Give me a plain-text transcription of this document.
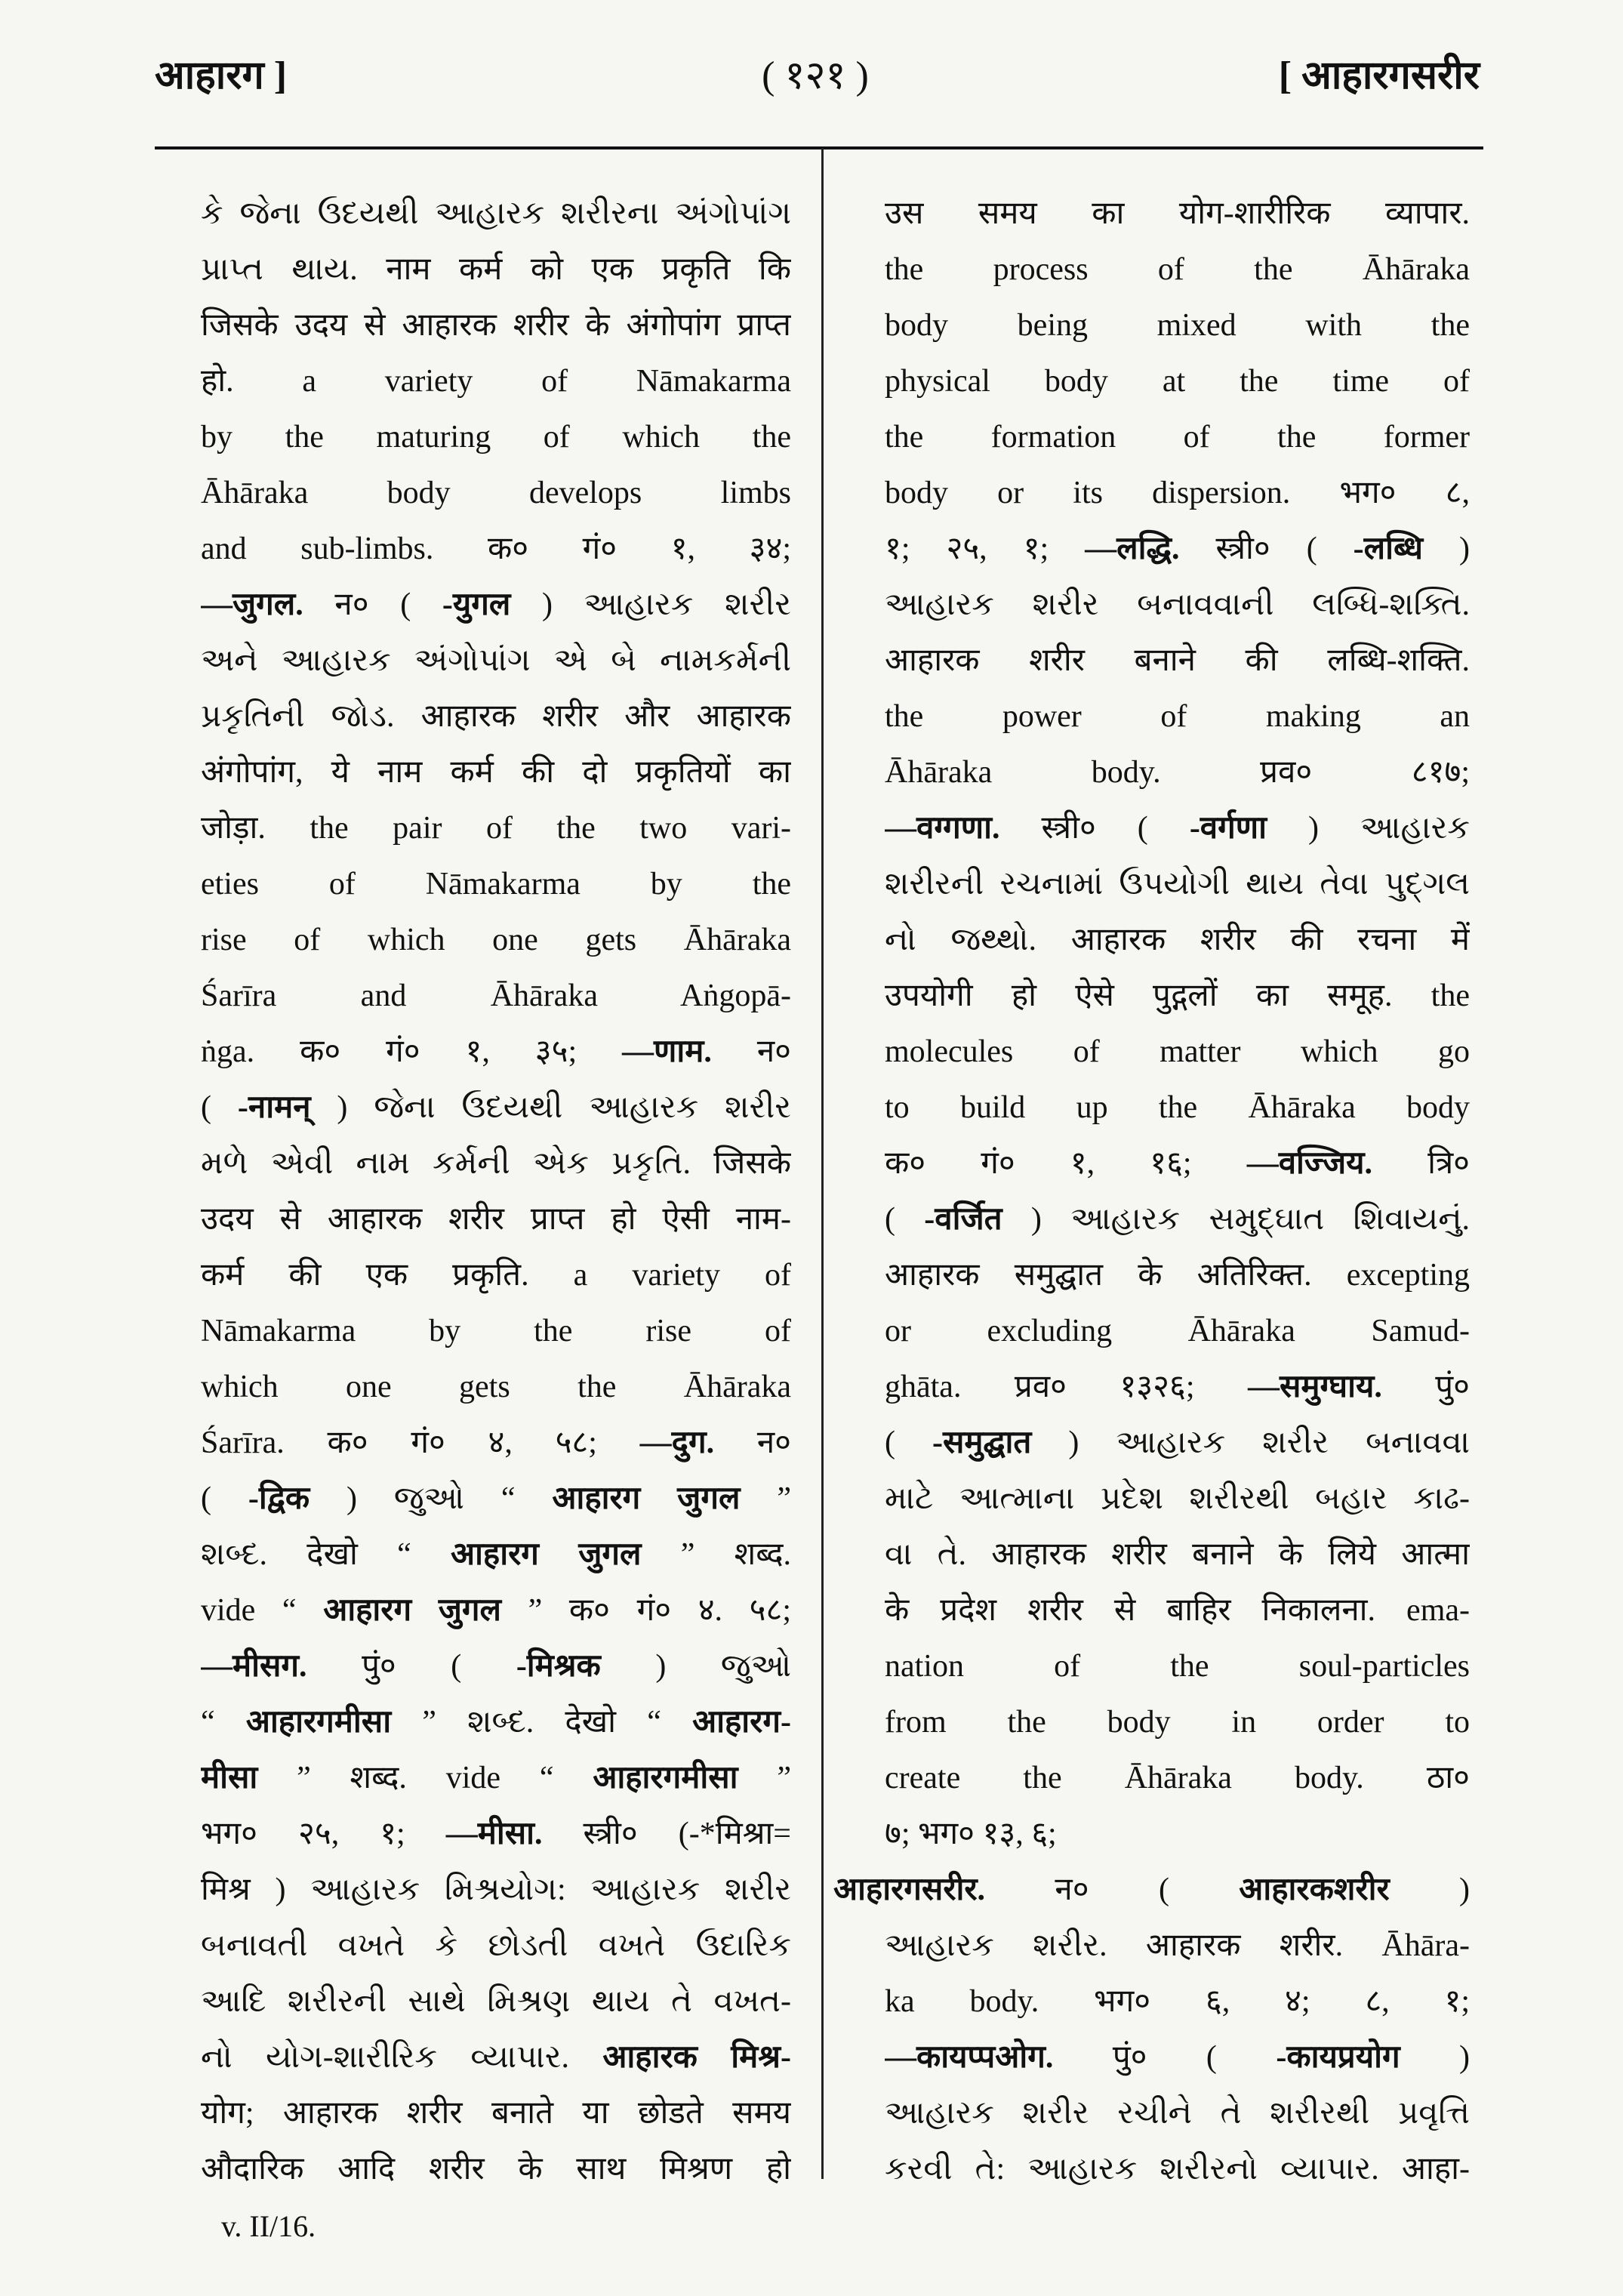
आहारग ]	( १२१ )	[ आहारगसरीर
કે જેના ઉદયથી આહારક શરીરના અંગોપાંગ
પ્રાપ્ત થાય. नाम कर्म को एक प्रकृति कि
जिसके उदय से आहारक शरीर के अंगोपांग प्राप्त
हो. a variety of Nāmakarma
by the maturing of which the
Āhāraka body develops limbs
and sub-limbs. क० गं० १, ३४;
—जुगल. न० ( -युगल ) આહારક શરીર
અને આહારક અંગોપાંગ એ બે નામકર્મની
પ્રકૃતિની જોડ. आहारक शरीर और आहारक
अंगोपांग, ये नाम कर्म की दो प्रकृतियों का
जोड़ा. the pair of the two vari-
eties of Nāmakarma by the
rise of which one gets Āhāraka
Śarīra and Āhāraka Aṅgopā-
ṅga. क० गं० १, ३५; —णाम. न०
( -नामन् ) જેના ઉદયથી આહારક શરીર
મળે એવી નામ કર્મની એક પ્રકૃતિ. जिसके
उदय से आहारक शरीर प्राप्त हो ऐसी नाम-
कर्म की एक प्रकृति. a variety of
Nāmakarma by the rise of
which one gets the Āhāraka
Śarīra. क० गं० ४, ५८; —दुग. न०
( -द्विक ) જુઓ “ आहारग जुगल ”
શબ્દ. देखो “ आहारग जुगल ” शब्द.
vide “ आहारग जुगल ” क० गं० ४. ५८;
—मीसग. पुं० ( -मिश्रक ) જુઓ
“ आहारगमीसा ” શબ્દ. देखो “ आहारग-
मीसा ” शब्द. vide “ आहारगमीसा ”
भग० २५, १; —मीसा. स्त्री० (-*मिश्रा=
मिश्र ) આહારક મિશ્રયોગ: આહારક શરીર
બનાવતી વખતે કે છોડતી વખતે ઉદારિક
આદિ શરીરની સાથે મિશ્રણ થાય તે વખત-
નો યોગ-શારીરિક વ્યાપાર. आहारक मिश्र-
योग; आहारक शरीर बनाते या छोडते समय
औदारिक आदि शरीर के साथ मिश्रण हो
उस समय का योग-शारीरिक व्यापार.
the process of the Āhāraka
body being mixed with the
physical body at the time of
the formation of the former
body or its dispersion. भग० ८,
१; २५, १; —लद्धि. स्त्री० ( -लब्धि )
આહારક શરીર બનાવવાની લબ્ધિ-શક્તિ.
आहारक शरीर बनाने की लब्धि-शक्ति.
the power of making an
Āhāraka body. प्रव० ८१७;
—वग्गणा. स्त्री० ( -वर्गणा ) આહારક
શરીરની રચનામાં ઉપયોગી થાય તેવા પુદ્ગલ
નો જથ્થો. आहारक शरीर की रचना में
उपयोगी हो ऐसे पुद्गलों का समूह. the
molecules of matter which go
to build up the Āhāraka body
क० गं० १, १६; —वज्जिय. त्रि०
( -वर्जित ) આહારક સમુદ્ઘાત શિવાયનું.
आहारक समुद्घात के अतिरिक्त. excepting
or excluding Āhāraka Samud-
ghāta. प्रव० १३२६; —समुग्घाय. पुं०
( -समुद्घात ) આહારક શરીર બનાવવા
માટે આત્માના પ્રદેશ શરીરથી બહાર કાઢ-
વા તે. आहारक शरीर बनाने के लिये आत्मा
के प्रदेश शरीर से बाहिर निकालना. ema-
nation of the soul-particles
from the body in order to
create the Āhāraka body. ठा०
७; भग० १३, ६;
आहारगसरीर. न० ( आहारकशरीर )
આહારક શરીર. आहारक शरीर. Āhāra-
ka body. भग० ६, ४; ८, १;
—कायप्पओग. पुं० ( -कायप्रयोग )
આહારક શરીર રચીને તે શરીરથી પ્રવૃત્તિ
કરવી તે: આહારક શરીરનો વ્યાપાર. आहा-
v. II/16.
